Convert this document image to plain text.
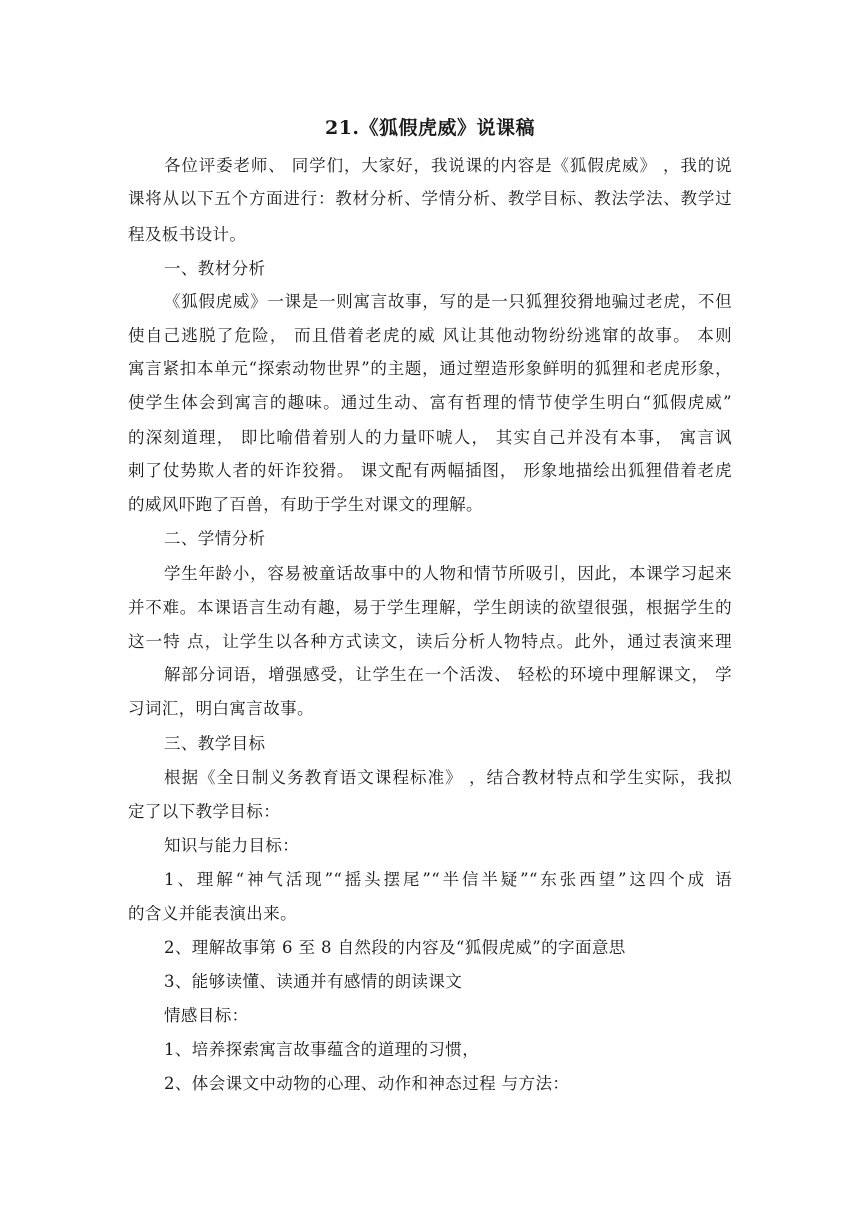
21.《狐假虎威》说课稿
各位评委老师、 同学们，大家好，我说课的内容是《狐假虎威》 ，我的说
课将从以下五个方面进行：教材分析、学情分析、教学目标、教法学法、教学过
程及板书设计。
一、教材分析
《狐假虎威》一课是一则寓言故事，写的是一只狐狸狡猾地骗过老虎，不但
使自己逃脱了危险， 而且借着老虎的威 风让其他动物纷纷逃窜的故事。 本则
寓言紧扣本单元“探索动物世界”的主题，通过塑造形象鲜明的狐狸和老虎形象，
使学生体会到寓言的趣味。通过生动、富有哲理的情节使学生明白“狐假虎威”
的深刻道理， 即比喻借着别人的力量吓唬人， 其实自己并没有本事， 寓言讽
刺了仗势欺人者的奸诈狡猾。 课文配有两幅插图， 形象地描绘出狐狸借着老虎
的威风吓跑了百兽，有助于学生对课文的理解。
二、学情分析
学生年龄小，容易被童话故事中的人物和情节所吸引，因此，本课学习起来
并不难。本课语言生动有趣，易于学生理解，学生朗读的欲望很强，根据学生的
这一特 点，让学生以各种方式读文，读后分析人物特点。此外，通过表演来理
解部分词语，增强感受，让学生在一个活泼、 轻松的环境中理解课文， 学
习词汇，明白寓言故事。
三、教学目标
根据《全日制义务教育语文课程标准》 ，结合教材特点和学生实际，我拟
定了以下教学目标：
知识与能力目标：
1、理解“神气活现”“摇头摆尾”“半信半疑”“东张西望”这四个成 语
的含义并能表演出来。
2、理解故事第 6 至 8 自然段的内容及“狐假虎威”的字面意思
3、能够读懂、读通并有感情的朗读课文
情感目标：
1、培养探索寓言故事蕴含的道理的习惯，
2、体会课文中动物的心理、动作和神态过程 与方法：
